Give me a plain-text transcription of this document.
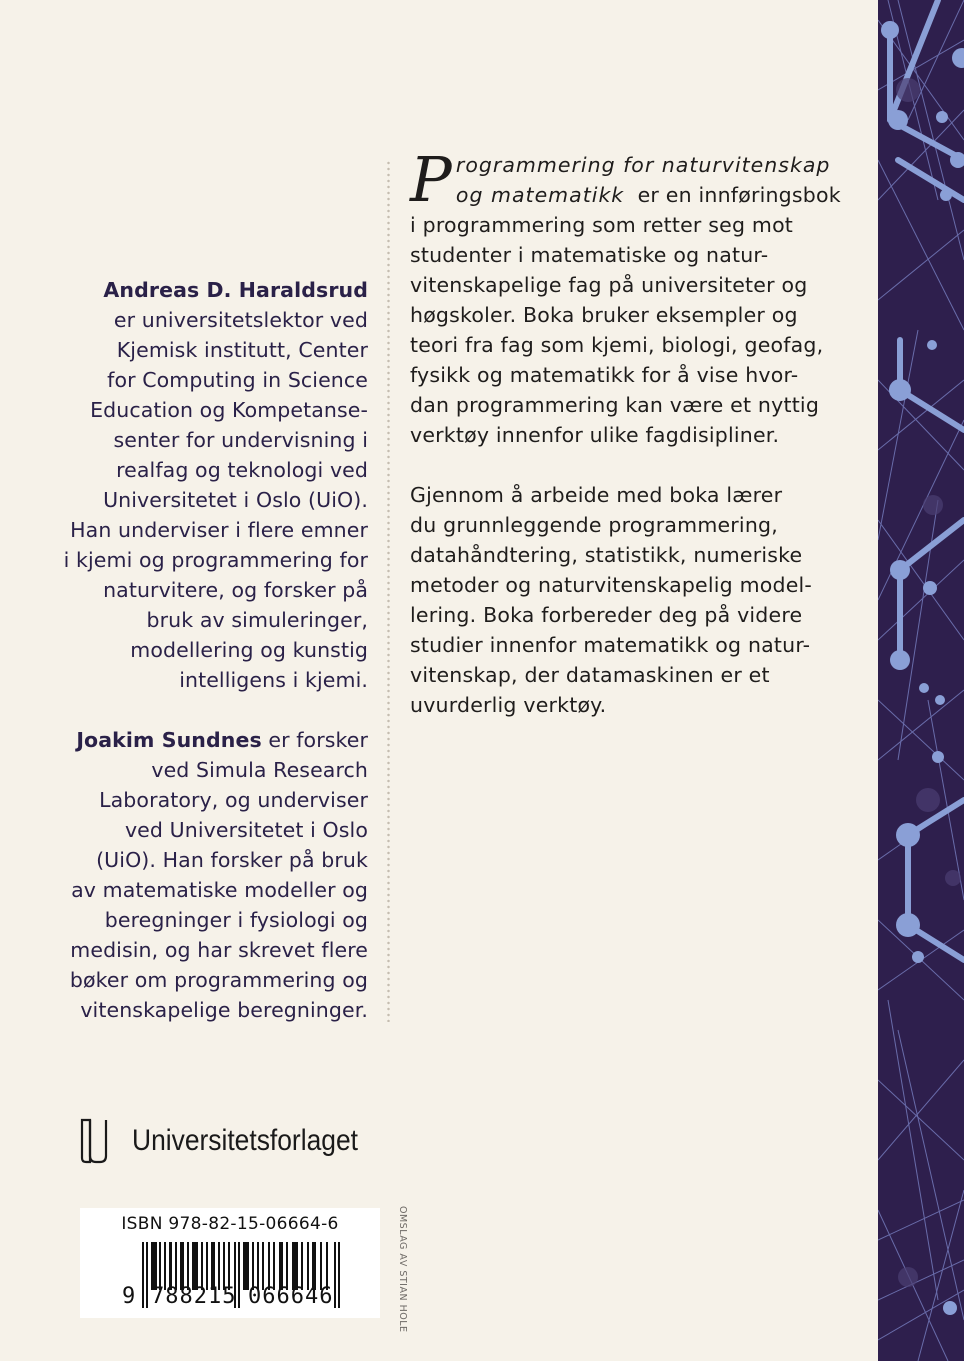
Andreas D. Haraldsrud
er universitetslektor ved
Kjemisk institutt, Center
for Computing in Science
Education og Kompetanse-
senter for undervisning i
realfag og teknologi ved
Universitetet i Oslo (UiO).
Han underviser i flere emner
i kjemi og programmering for
naturvitere, og forsker på
bruk av simuleringer,
modellering og kunstig
intelligens i kjemi.

Joakim Sundnes er forsker
ved Simula Research
Laboratory, og underviser
ved Universitetet i Oslo
(UiO). Han forsker på bruk
av matematiske modeller og
beregninger i fysiologi og
medisin, og har skrevet flere
bøker om programmering og
vitenskapelige beregninger.

P rogrammering for naturvitenskap
og matematikk  er en innføringsbok
i programmering som retter seg mot
studenter i matematiske og natur-
vitenskapelige fag på universiteter og
høgskoler. Boka bruker eksempler og
teori fra fag som kjemi, biologi, geofag,
fysikk og matematikk for å vise hvor-
dan programmering kan være et nyttig
verktøy innenfor ulike fagdisipliner.

Gjennom å arbeide med boka lærer
du grunnleggende programmering,
datahåndtering, statistikk, numeriske
metoder og naturvitenskapelig model-
lering. Boka forbereder deg på videre
studier innenfor matematikk og natur-
vitenskap, der datamaskinen er et
uvurderlig verktøy.

Universitetsforlaget
ISBN 978-82-15-06664-6
9 788215 066646	OMSLAG AV STIAN HOLE
